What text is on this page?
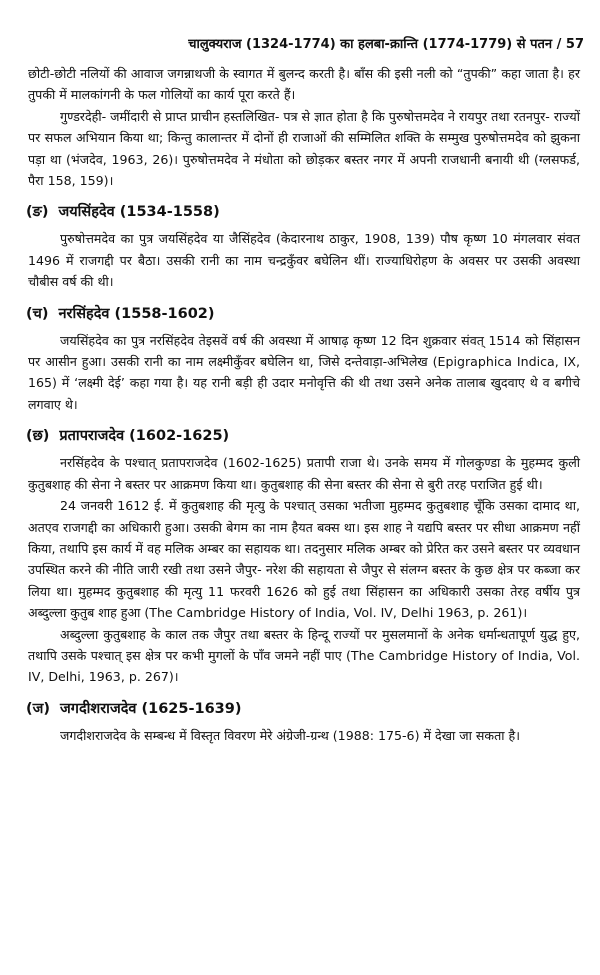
चालुक्यराज (1324-1774) का हलबा-क्रान्ति (1774-1779) से पतन / 57

छोटी-छोटी नलियों की आवाज जगन्नाथजी के स्वागत में बुलन्द करती है। बाँस की इसी नली को “तुपकी” कहा जाता है। हर तुपकी में मालकांगनी के फल गोलियों का कार्य पूरा करते हैं।

गुण्डरदेही- जमींदारी से प्राप्त प्राचीन हस्तलिखित- पत्र से ज्ञात होता है कि पुरुषोत्तमदेव ने रायपुर तथा रतनपुर- राज्यों पर सफल अभियान किया था; किन्तु कालान्तर में दोनों ही राजाओं की सम्मिलित शक्ति के सम्मुख पुरुषोत्तमदेव को झुकना पड़ा था (भंजदेव, 1963, 26)। पुरुषोत्तमदेव ने मंधोता को छोड़कर बस्तर नगर में अपनी राजधानी बनायी थी (ग्लसफर्ड, पैरा 158, 159)।

(ङ) जयसिंहदेव (1534-1558)

पुरुषोत्तमदेव का पुत्र जयसिंहदेव या जैसिंहदेव (केदारनाथ ठाकुर, 1908, 139) पौष कृष्ण 10 मंगलवार संवत 1496 में राजगद्दी पर बैठा। उसकी रानी का नाम चन्द्रकुँवर बघेलिन थीं। राज्याधिरोहण के अवसर पर उसकी अवस्था चौबीस वर्ष की थी।

(च) नरसिंहदेव (1558-1602)

जयसिंहदेव का पुत्र नरसिंहदेव तेइसवें वर्ष की अवस्था में आषाढ़ कृष्ण 12 दिन शुक्रवार संवत् 1514 को सिंहासन पर आसीन हुआ। उसकी रानी का नाम लक्ष्मीकुँवर बघेलिन था, जिसे दन्तेवाड़ा-अभिलेख (Epigraphica Indica, IX, 165) में ‘लक्ष्मी देई’ कहा गया है। यह रानी बड़ी ही उदार मनोवृत्ति की थी तथा उसने अनेक तालाब खुदवाए थे व बगीचे लगवाए थे।

(छ) प्रतापराजदेव (1602-1625)

नरसिंहदेव के पश्चात् प्रतापराजदेव (1602-1625) प्रतापी राजा थे। उनके समय में गोलकुण्डा के मुहम्मद कुली कुतुबशाह की सेना ने बस्तर पर आक्रमण किया था। कुतुबशाह की सेना बस्तर की सेना से बुरी तरह पराजित हुई थी।

24 जनवरी 1612 ई. में कुतुबशाह की मृत्यु के पश्चात् उसका भतीजा मुहम्मद कुतुबशाह चूँकि उसका दामाद था, अतएव राजगद्दी का अधिकारी हुआ। उसकी बेगम का नाम हैयत बक्स था। इस शाह ने यद्यपि बस्तर पर सीधा आक्रमण नहीं किया, तथापि इस कार्य में वह मलिक अम्बर का सहायक था। तदनुसार मलिक अम्बर को प्रेरित कर उसने बस्तर पर व्यवधान उपस्थित करने की नीति जारी रखी तथा उसने जैपुर- नरेश की सहायता से जैपुर से संलग्न बस्तर के कुछ क्षेत्र पर कब्जा कर लिया था। मुहम्मद कुतुबशाह की मृत्यु 11 फरवरी 1626 को हुई तथा सिंहासन का अधिकारी उसका तेरह वर्षीय पुत्र अब्दुल्ला कुतुब शाह हुआ (The Cambridge History of India, Vol. IV, Delhi 1963, p. 261)।

अब्दुल्ला कुतुबशाह के काल तक जैपुर तथा बस्तर के हिन्दू राज्यों पर मुसलमानों के अनेक धर्मान्धतापूर्ण युद्ध हुए, तथापि उसके पश्चात् इस क्षेत्र पर कभी मुगलों के पाँव जमने नहीं पाए (The Cambridge History of India, Vol. IV, Delhi, 1963, p. 267)।

(ज) जगदीशराजदेव (1625-1639)

जगदीशराजदेव के सम्बन्ध में विस्तृत विवरण मेरे अंग्रेजी-ग्रन्थ (1988: 175-6) में देखा जा सकता है।
